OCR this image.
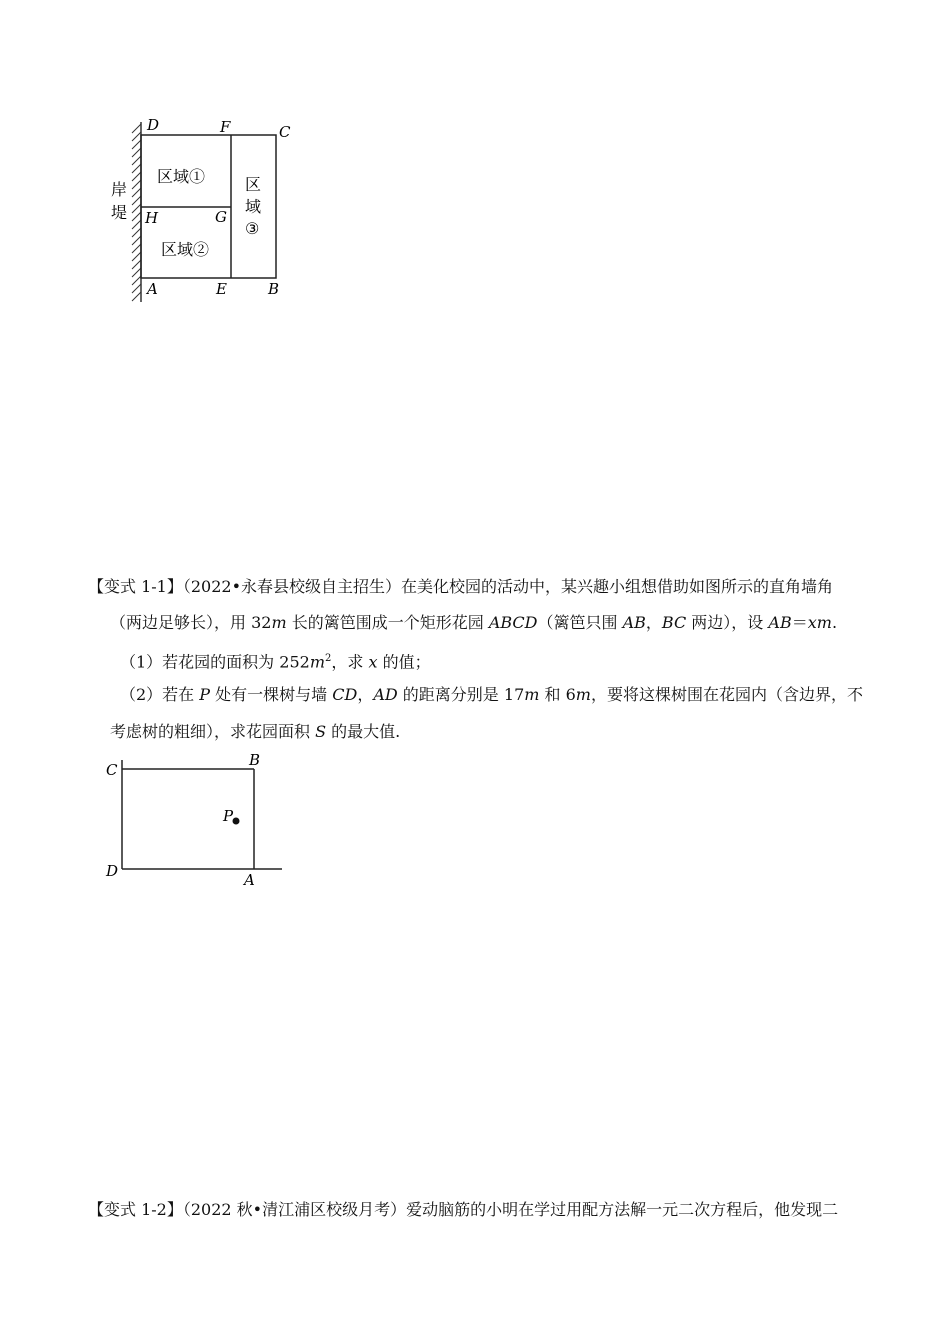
D	F	C
H	G
A	E	B
岸
堤
区域①
区域②
区
域
③
【变式 1-1】（2022•永春县校级自主招生）在美化校园的活动中，某兴趣小组想借助如图所示的直角墙角
（两边足够长），用 32m 长的篱笆围成一个矩形花园 ABCD（篱笆只围 AB，BC 两边），设 AB＝xm.
（1）若花园的面积为 $252m^2$，求 x 的值；
（2）若在 P 处有一棵树与墙 CD，AD 的距离分别是 17m 和 6m，要将这棵树围在花园内（含边界，不
考虑树的粗细），求花园面积 S 的最大值.
C
B
P
D	A
【变式 1-2】（2022 秋•清江浦区校级月考）爱动脑筋的小明在学过用配方法解一元二次方程后，他发现二
